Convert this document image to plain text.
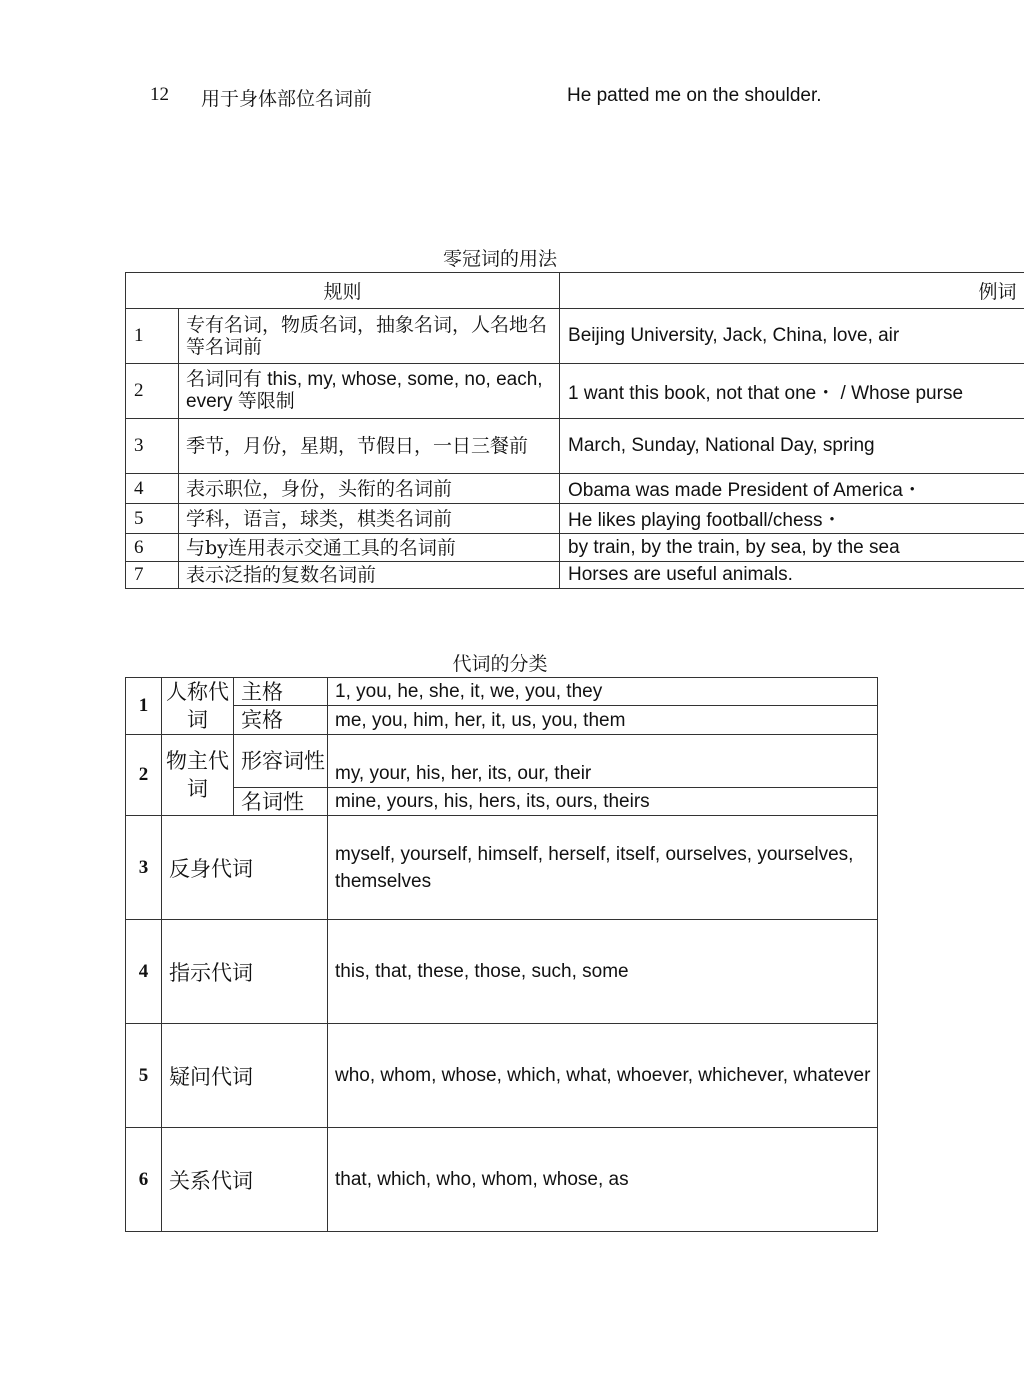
12 用于身体部位名词前	He patted me on the shoulder.
零冠词的用法
规则		例词
1	专有名词，物质名词，抽象名词，人名地名等名词前	Beijing University, Jack, China, love, air
2	名词冋有 this, my, whose, some, no, each, every 等限制	1 want this book, not that one・ / Whose purse
3	季节，月份，星期，节假日，一日三餐前	March, Sunday, National Day, spring
4	表示职位，身份，头衔的名词前	Obama was made President of America・
5	学科，语言，球类，棋类名词前	He likes playing football/chess・
6	与by连用表示交通工具的名词前	by train, by the train, by sea, by the sea
7	表示泛指的复数名词前	Horses are useful animals.
代词的分类
1	人称代词	主格	1, you, he, she, it, we, you, they
		宾格	me, you, him, her, it, us, you, them
2	物主代词	形容词性	my, your, his, her, its, our, their
		名词性	mine, yours, his, hers, its, ours, theirs
3	反身代词		myself, yourself, himself, herself, itself, ourselves, yourselves, themselves
4	指示代词		this, that, these, those, such, some
5	疑问代词		who, whom, whose, which, what, whoever, whichever, whatever
6	关系代词		that, which, who, whom, whose, as
